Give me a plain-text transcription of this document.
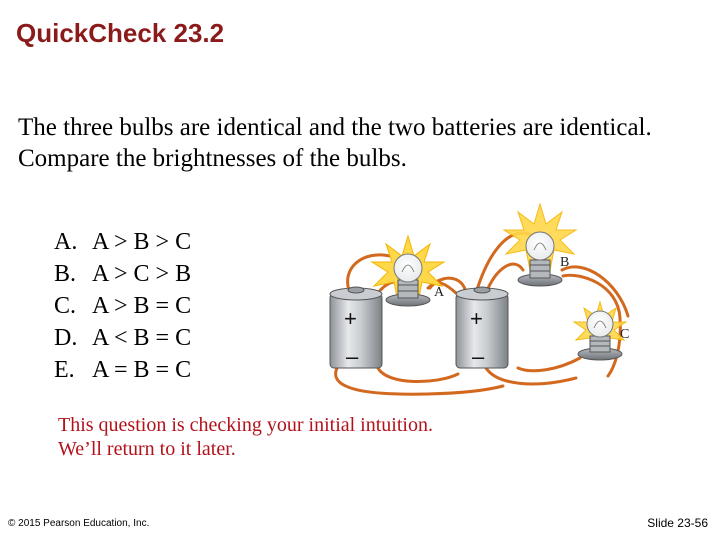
QuickCheck 23.2
The three bulbs are identical and the two batteries are identical. Compare the brightnesses of the bulbs.
A. A > B > C
B. A > C > B
C. A > B = C
D. A < B = C
E. A = B = C
+
–
+
–
A
B
C
This question is checking your initial intuition.
We’ll return to it later.
© 2015 Pearson Education, Inc.	Slide 23-56
